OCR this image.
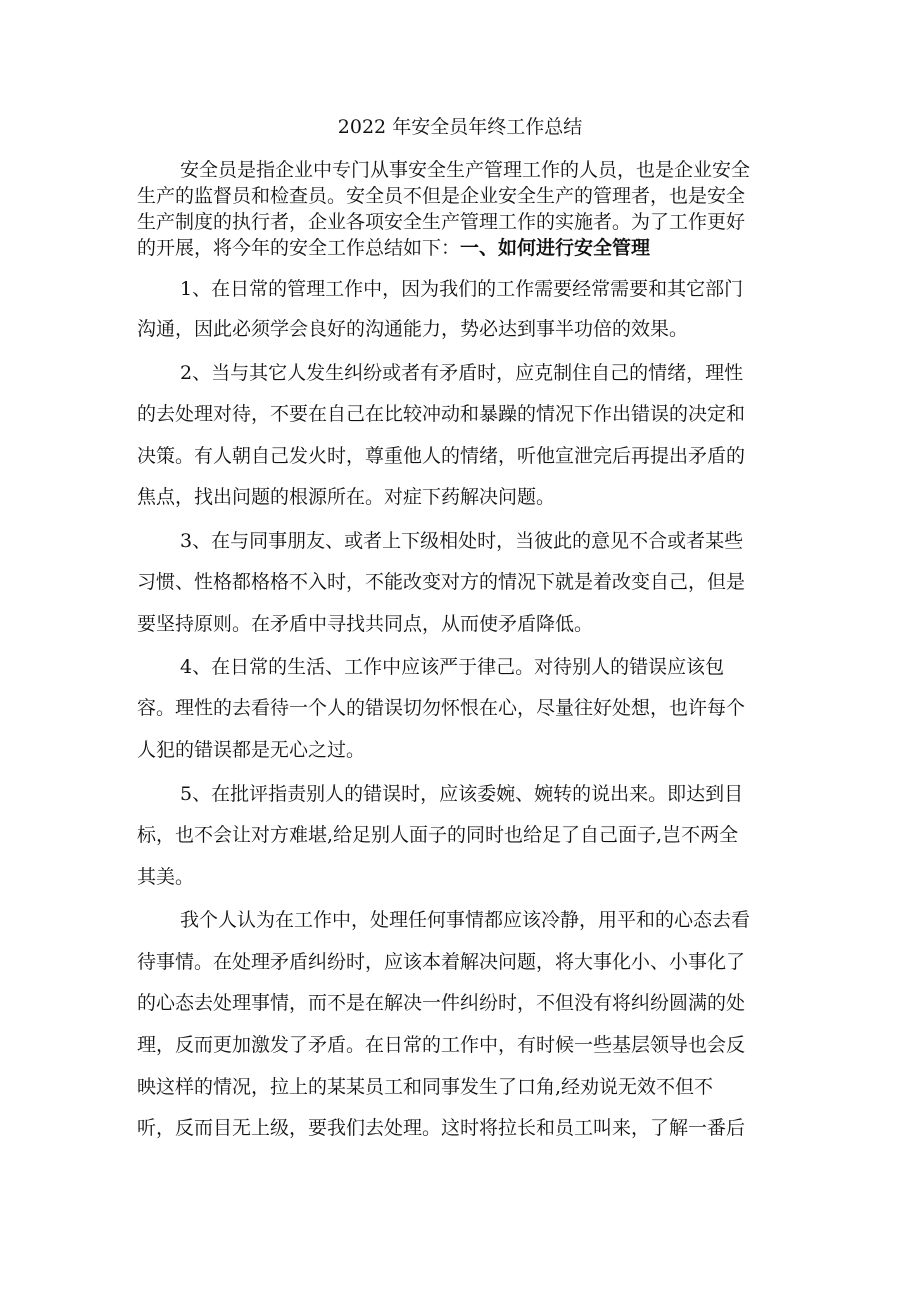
2022 年安全员年终工作总结
安全员是指企业中专门从事安全生产管理工作的人员，也是企业安全
生产的监督员和检查员。安全员不但是企业安全生产的管理者，也是安全
生产制度的执行者，企业各项安全生产管理工作的实施者。为了工作更好
的开展，将今年的安全工作总结如下：一、如何进行安全管理
1、在日常的管理工作中，因为我们的工作需要经常需要和其它部门
沟通，因此必须学会良好的沟通能力，势必达到事半功倍的效果。
2、当与其它人发生纠纷或者有矛盾时，应克制住自己的情绪，理性
的去处理对待，不要在自己在比较冲动和暴躁的情况下作出错误的决定和
决策。有人朝自己发火时，尊重他人的情绪，听他宣泄完后再提出矛盾的
焦点，找出问题的根源所在。对症下药解决问题。
3、在与同事朋友、或者上下级相处时，当彼此的意见不合或者某些
习惯、性格都格格不入时，不能改变对方的情况下就是着改变自己，但是
要坚持原则。在矛盾中寻找共同点，从而使矛盾降低。
4、在日常的生活、工作中应该严于律己。对待别人的错误应该包
容。理性的去看待一个人的错误切勿怀恨在心，尽量往好处想，也许每个
人犯的错误都是无心之过。
5、在批评指责别人的错误时，应该委婉、婉转的说出来。即达到目
标，也不会让对方难堪,给足别人面子的同时也给足了自己面子,岂不两全
其美。
我个人认为在工作中，处理任何事情都应该冷静，用平和的心态去看
待事情。在处理矛盾纠纷时，应该本着解决问题，将大事化小、小事化了
的心态去处理事情，而不是在解决一件纠纷时，不但没有将纠纷圆满的处
理，反而更加激发了矛盾。在日常的工作中，有时候一些基层领导也会反
映这样的情况，拉上的某某员工和同事发生了口角,经劝说无效不但不
听，反而目无上级，要我们去处理。这时将拉长和员工叫来，了解一番后
